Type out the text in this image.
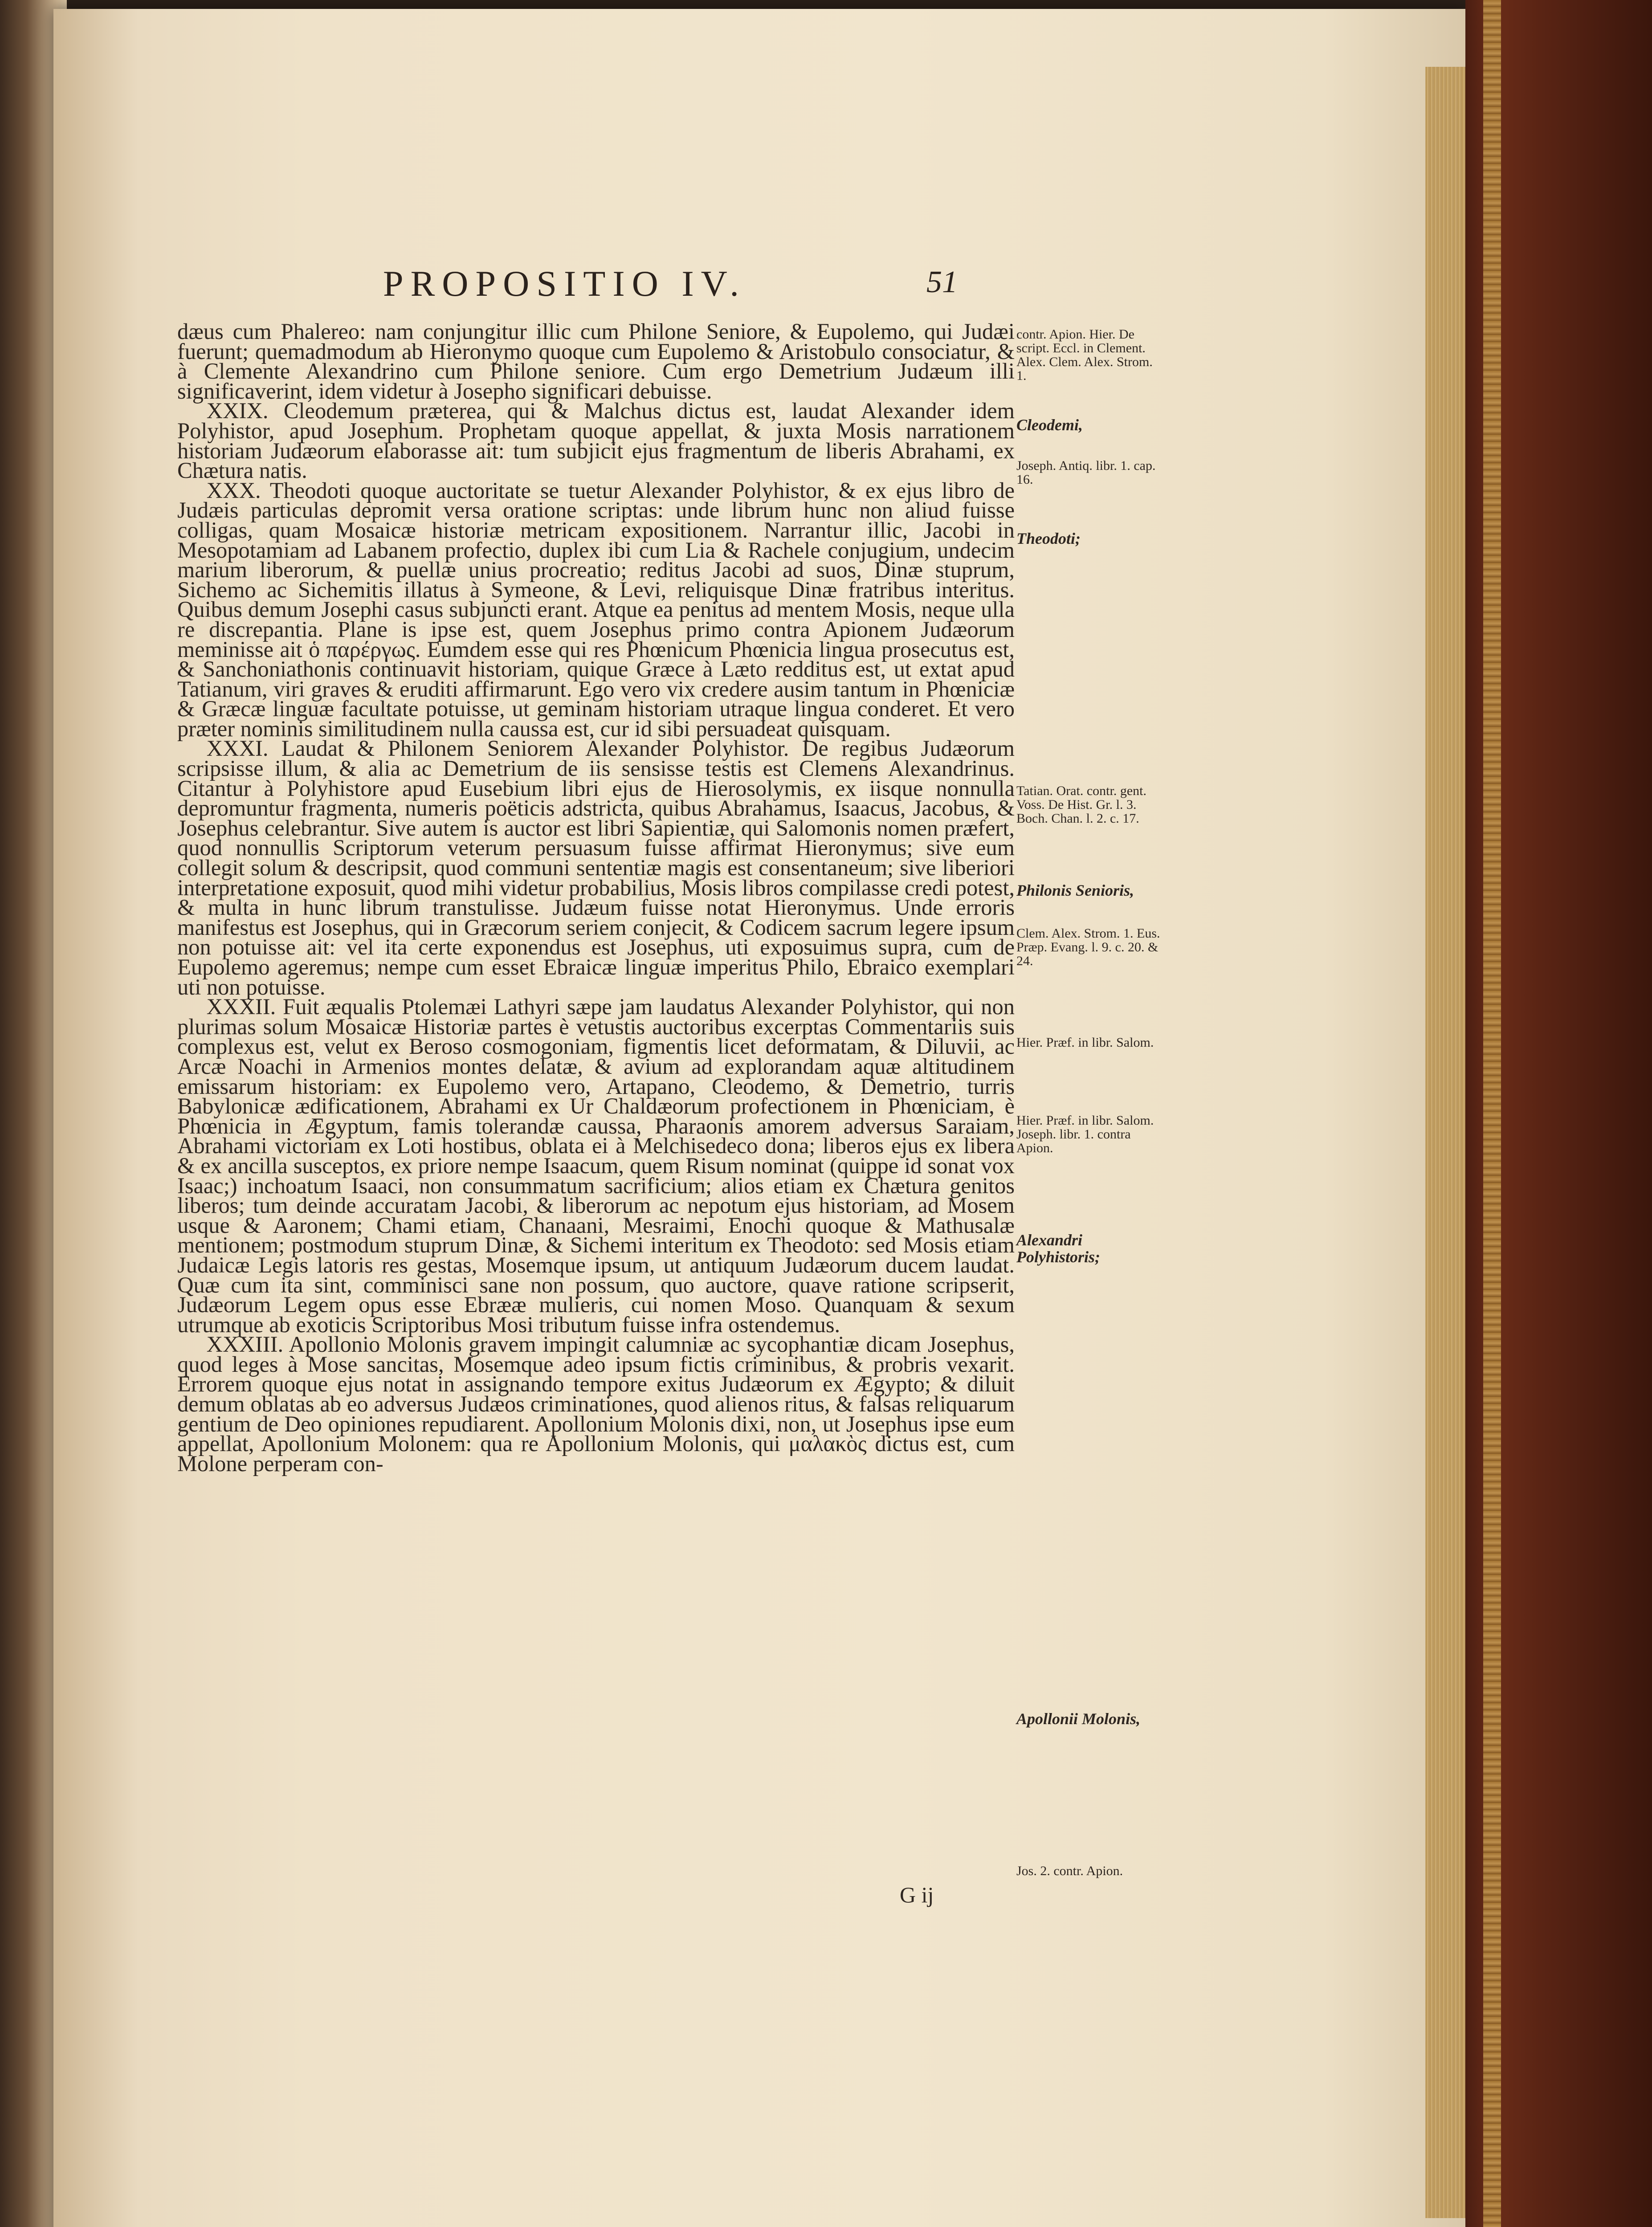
PROPOSITIO IV.	51

dæus cum Phalereo: nam conjungitur illic cum Philone Seniore, & Eupolemo, qui Judæi fuerunt; quemadmodum ab Hieronymo quoque cum Eupolemo & Aristobulo consociatur, & à Clemente Alexandrino cum Philone seniore. Cum ergo Demetrium Judæum illi significaverint, idem videtur à Josepho significari debuisse.

XXIX. Cleodemum præterea, qui & Malchus dictus est, laudat Alexander idem Polyhistor, apud Josephum. Prophetam quoque appellat, & juxta Mosis narrationem historiam Judæorum elaborasse ait: tum subjicit ejus fragmentum de liberis Abrahami, ex Chætura natis.

XXX. Theodoti quoque auctoritate se tuetur Alexander Polyhistor, & ex ejus libro de Judæis particulas depromit versa oratione scriptas: unde librum hunc non aliud fuisse colligas, quam Mosaicæ historiæ metricam expositionem. Narrantur illic, Jacobi in Mesopotamiam ad Labanem profectio, duplex ibi cum Lia & Rachele conjugium, undecim marium liberorum, & puellæ unius procreatio; reditus Jacobi ad suos, Dinæ stuprum, Sichemo ac Sichemitis illatus à Symeone, & Levi, reliquisque Dinæ fratribus interitus. Quibus demum Josephi casus subjuncti erant. Atque ea penitus ad mentem Mosis, neque ulla re discrepantia. Plane is ipse est, quem Josephus primo contra Apionem Judæorum meminisse ait ὁ παρέργως. Eumdem esse qui res Phœnicum Phœnicia lingua prosecutus est, & Sanchoniathonis continuavit historiam, quique Græce à Læto redditus est, ut extat apud Tatianum, viri graves & eruditi affirmarunt. Ego vero vix credere ausim tantum in Phœniciæ & Græcæ linguæ facultate potuisse, ut geminam historiam utraque lingua conderet. Et vero præter nominis similitudinem nulla caussa est, cur id sibi persuadeat quisquam.

XXXI. Laudat & Philonem Seniorem Alexander Polyhistor. De regibus Judæorum scripsisse illum, & alia ac Demetrium de iis sensisse testis est Clemens Alexandrinus. Citantur à Polyhistore apud Eusebium libri ejus de Hierosolymis, ex iisque nonnulla depromuntur fragmenta, numeris poëticis adstricta, quibus Abrahamus, Isaacus, Jacobus, & Josephus celebrantur. Sive autem is auctor est libri Sapientiæ, qui Salomonis nomen præfert, quod nonnullis Scriptorum veterum persuasum fuisse affirmat Hieronymus; sive eum collegit solum & descripsit, quod communi sententiæ magis est consentaneum; sive liberiori interpretatione exposuit, quod mihi videtur probabilius, Mosis libros compilasse credi potest, & multa in hunc librum transtulisse. Judæum fuisse notat Hieronymus. Unde erroris manifestus est Josephus, qui in Græcorum seriem conjecit, & Codicem sacrum legere ipsum non potuisse ait: vel ita certe exponendus est Josephus, uti exposuimus supra, cum de Eupolemo ageremus; nempe cum esset Ebraicæ linguæ imperitus Philo, Ebraico exemplari uti non potuisse.

XXXII. Fuit æqualis Ptolemæi Lathyri sæpe jam laudatus Alexander Polyhistor, qui non plurimas solum Mosaicæ Historiæ partes è vetustis auctoribus excerptas Commentariis suis complexus est, velut ex Beroso cosmogoniam, figmentis licet deformatam, & Diluvii, ac Arcæ Noachi in Armenios montes delatæ, & avium ad explorandam aquæ altitudinem emissarum historiam: ex Eupolemo vero, Artapano, Cleodemo, & Demetrio, turris Babylonicæ ædificationem, Abrahami ex Ur Chaldæorum profectionem in Phœniciam, è Phœnicia in Ægyptum, famis tolerandæ caussa, Pharaonis amorem adversus Saraiam, Abrahami victoriam ex Loti hostibus, oblata ei à Melchisedeco dona; liberos ejus ex libera & ex ancilla susceptos, ex priore nempe Isaacum, quem Risum nominat (quippe id sonat vox Isaac;) inchoatum Isaaci, non consummatum sacrificium; alios etiam ex Chætura genitos liberos; tum deinde accuratam Jacobi, & liberorum ac nepotum ejus historiam, ad Mosem usque & Aaronem; Chami etiam, Chanaani, Mesraimi, Enochi quoque & Mathusalæ mentionem; postmodum stuprum Dinæ, & Sichemi interitum ex Theodoto: sed Mosis etiam Judaicæ Legis latoris res gestas, Mosemque ipsum, ut antiquum Judæorum ducem laudat. Quæ cum ita sint, comminisci sane non possum, quo auctore, quave ratione scripserit, Judæorum Legem opus esse Ebrææ mulieris, cui nomen Moso. Quanquam & sexum utrumque ab exoticis Scriptoribus Mosi tributum fuisse infra ostendemus.

XXXIII. Apollonio Molonis gravem impingit calumniæ ac sycophantiæ dicam Josephus, quod leges à Mose sancitas, Mosemque adeo ipsum fictis criminibus, & probris vexarit. Errorem quoque ejus notat in assignando tempore exitus Judæorum ex Ægypto; & diluit demum oblatas ab eo adversus Judæos criminationes, quod alienos ritus, & falsas reliquarum gentium de Deo opiniones repudiarent. Apollonium Molonis dixi, non, ut Josephus ipse eum appellat, Apollonium Molonem: qua re Apollonium Molonis, qui μαλακὸς dictus est, cum Molone perperam con-

contr. Apion. Hier. De script. Eccl. in Clement. Alex. Clem. Alex. Strom. 1.
Cleodemi,
Joseph. Antiq. libr. 1. cap. 16.
Theodoti;
Tatian. Orat. contr. gent. Voss. De Hist. Gr. l. 3. Boch. Chan. l. 2. c. 17.
Philonis Senioris,
Clem. Alex. Strom. 1. Eus. Præp. Evang. l. 9. c. 20. & 24.
Hier. Præf. in libr. Salom.
Hier. Præf. in libr. Salom. Joseph. libr. 1. contra Apion.
Alexandri Polyhistoris;
Apollonii Molonis,
Jos. 2. contr. Apion.
G ij
